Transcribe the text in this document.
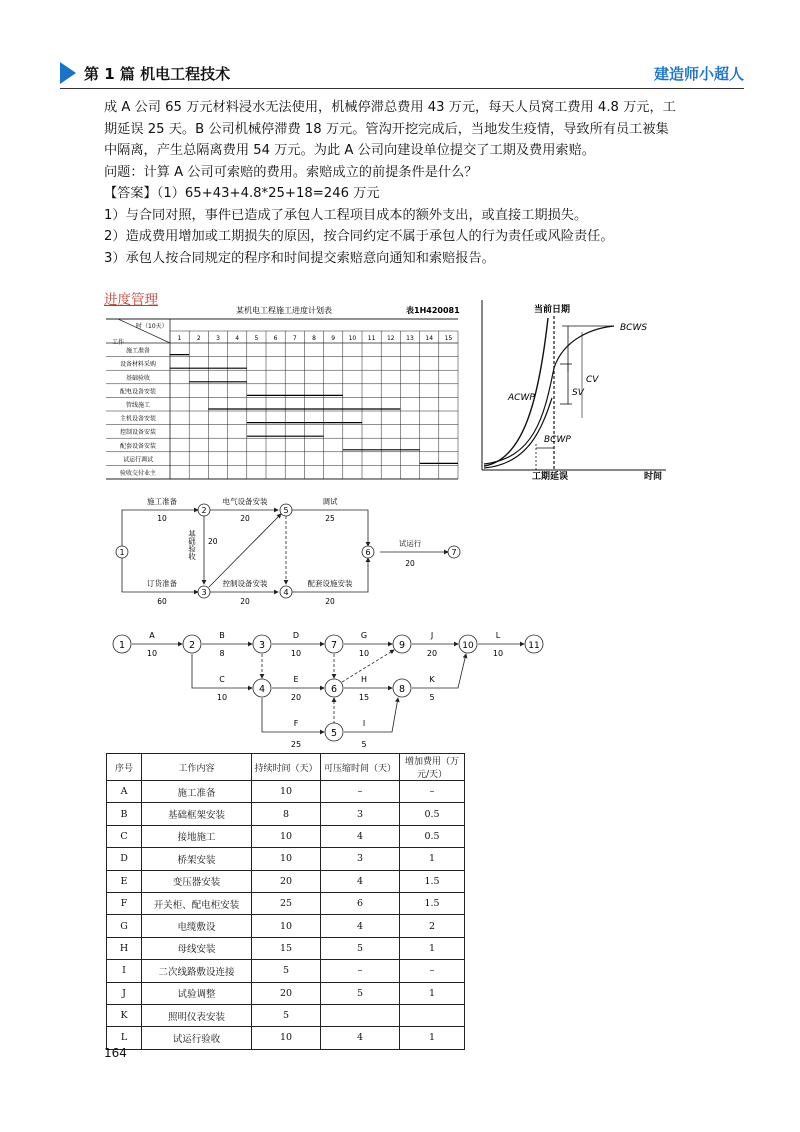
第 1 篇 机电工程技术	建造师小超人

成 A 公司 65 万元材料浸水无法使用，机械停滞总费用 43 万元，每天人员窝工费用 4.8 万元，工

期延误 25 天。B 公司机械停滞费 18 万元。管沟开挖完成后，当地发生疫情，导致所有员工被集

中隔离，产生总隔离费用 54 万元。为此 A 公司向建设单位提交了工期及费用索赔。

问题：计算 A 公司可索赔的费用。索赔成立的前提条件是什么？

【答案】（1）65+43+4.8*25+18=246 万元

1）与合同对照，事件已造成了承包人工程项目成本的额外支出，或直接工期损失。

2）造成费用增加或工期损失的原因，按合同约定不属于承包人的行为责任或风险责任。

3）承包人按合同规定的程序和时间提交索赔意向通知和索赔报告。

进度管理
某机电工程施工进度计划表	表1H420081
时（10天）
工作
1	2	3	4	5	6	7	8	9 10 11 12 13 14 15
施工准备
设备材料采购
基础验收
配电设备安装
管线施工
主机设备安装
控制设备安装
配套设备安装
试运行调试
验收交付业主
当前日期
BCWS
ACWP
BCWP
CV
SV
工期延误	时间
1
2
3	4
5
6	7
施工准备
10
电气设备安装
20
调试
25
基础验收 20	试运行
20
订货准备
60
控制设备安装
20
配套设施安装
20
1	2	3
4
5
6
7
8
9	10	11
A
10
B
8
D
10
G
10
J
20
L
10
C
10
E
20
H
15
K
5
F
25
I
5
序号	工作内容	持续时间（天）	可压缩时间（天）	增加费用（万元/天）
A	施工准备	10	–	–
B	基础框架安装	8	3	0.5
C	接地施工	10	4	0.5
D	桥架安装	10	3	1
E	变压器安装	20	4	1.5
F	开关柜、配电柜安装	25	6	1.5
G	电缆敷设	10	4	2
H	母线安装	15	5	1
I	二次线路敷设连接	5	–	–
J	试验调整	20	5	1
K	照明仪表安装	5		
L	试运行验收	10	4	1
164
